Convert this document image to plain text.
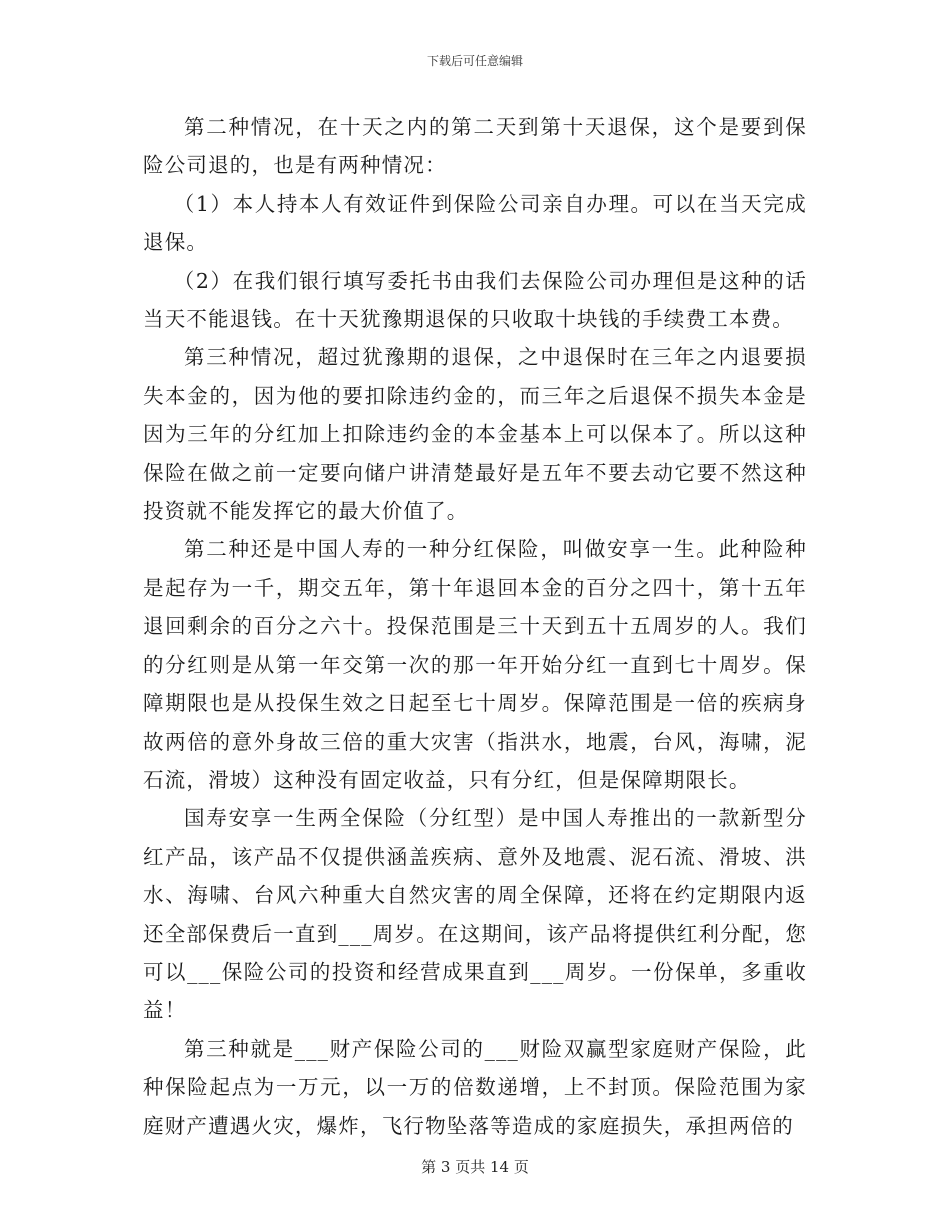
下载后可任意编辑

第二种情况，在十天之内的第二天到第十天退保，这个是要到保险公司退的，也是有两种情况：

（1）本人持本人有效证件到保险公司亲自办理。可以在当天完成退保。

（2）在我们银行填写委托书由我们去保险公司办理但是这种的话当天不能退钱。在十天犹豫期退保的只收取十块钱的手续费工本费。

第三种情况，超过犹豫期的退保，之中退保时在三年之内退要损失本金的，因为他的要扣除违约金的，而三年之后退保不损失本金是因为三年的分红加上扣除违约金的本金基本上可以保本了。所以这种保险在做之前一定要向储户讲清楚最好是五年不要去动它要不然这种投资就不能发挥它的最大价值了。

第二种还是中国人寿的一种分红保险，叫做安享一生。此种险种是起存为一千，期交五年，第十年退回本金的百分之四十，第十五年退回剩余的百分之六十。投保范围是三十天到五十五周岁的人。我们的分红则是从第一年交第一次的那一年开始分红一直到七十周岁。保障期限也是从投保生效之日起至七十周岁。保障范围是一倍的疾病身故两倍的意外身故三倍的重大灾害（指洪水，地震，台风，海啸，泥石流，滑坡）这种没有固定收益，只有分红，但是保障期限长。

国寿安享一生两全保险（分红型）是中国人寿推出的一款新型分红产品，该产品不仅提供涵盖疾病、意外及地震、泥石流、滑坡、洪水、海啸、台风六种重大自然灾害的周全保障，还将在约定期限内返还全部保费后一直到___周岁。在这期间，该产品将提供红利分配，您可以___保险公司的投资和经营成果直到___周岁。一份保单，多重收益！

第三种就是___财产保险公司的___财险双赢型家庭财产保险，此种保险起点为一万元，以一万的倍数递增，上不封顶。保险范围为家庭财产遭遇火灾，爆炸，飞行物坠落等造成的家庭损失，承担两倍的

第 3 页共 14 页
